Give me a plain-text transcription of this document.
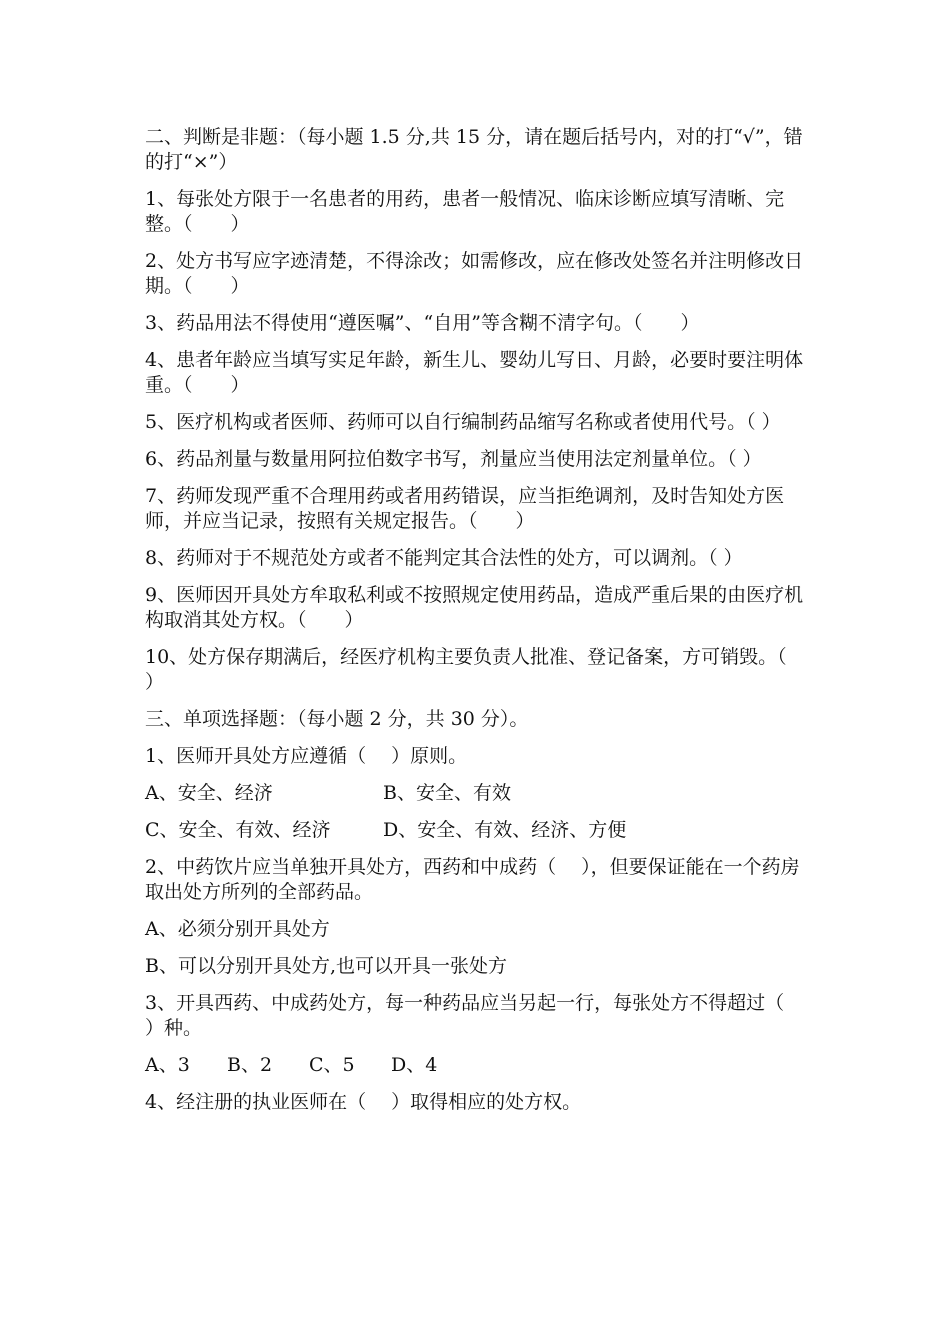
二、判断是非题：（每小题 1.5 分,共 15 分，请在题后括号内，对的打“√”，错的打“×”）

1、每张处方限于一名患者的用药，患者一般情况、临床诊断应填写清晰、完整。（　　）

2、处方书写应字迹清楚，不得涂改；如需修改，应在修改处签名并注明修改日期。（　　）

3、药品用法不得使用“遵医嘱”、“自用”等含糊不清字句。（　　）

4、患者年龄应当填写实足年龄，新生儿、婴幼儿写日、月龄，必要时要注明体重。（　　）

5、医疗机构或者医师、药师可以自行编制药品缩写名称或者使用代号。（ ）

6、药品剂量与数量用阿拉伯数字书写，剂量应当使用法定剂量单位。（ ）

7、药师发现严重不合理用药或者用药错误，应当拒绝调剂，及时告知处方医师，并应当记录，按照有关规定报告。（　　）

8、药师对于不规范处方或者不能判定其合法性的处方，可以调剂。（ ）

9、医师因开具处方牟取私利或不按照规定使用药品，造成严重后果的由医疗机构取消其处方权。（　　）

10、处方保存期满后，经医疗机构主要负责人批准、登记备案，方可销毁。（　　）

三、单项选择题：（每小题 2 分，共 30 分）。

1、医师开具处方应遵循（　 ）原则。

A、安全、经济	B、安全、有效
C、安全、有效、经济	D、安全、有效、经济、方便

2、中药饮片应当单独开具处方，西药和中成药（　 ），但要保证能在一个药房取出处方所列的全部药品。

A、必须分别开具处方

B、可以分别开具处方,也可以开具一张处方

3、开具西药、中成药处方，每一种药品应当另起一行，每张处方不得超过（　 ）种。

A、3	B、2	C、5	D、4

4、经注册的执业医师在（　 ）取得相应的处方权。
